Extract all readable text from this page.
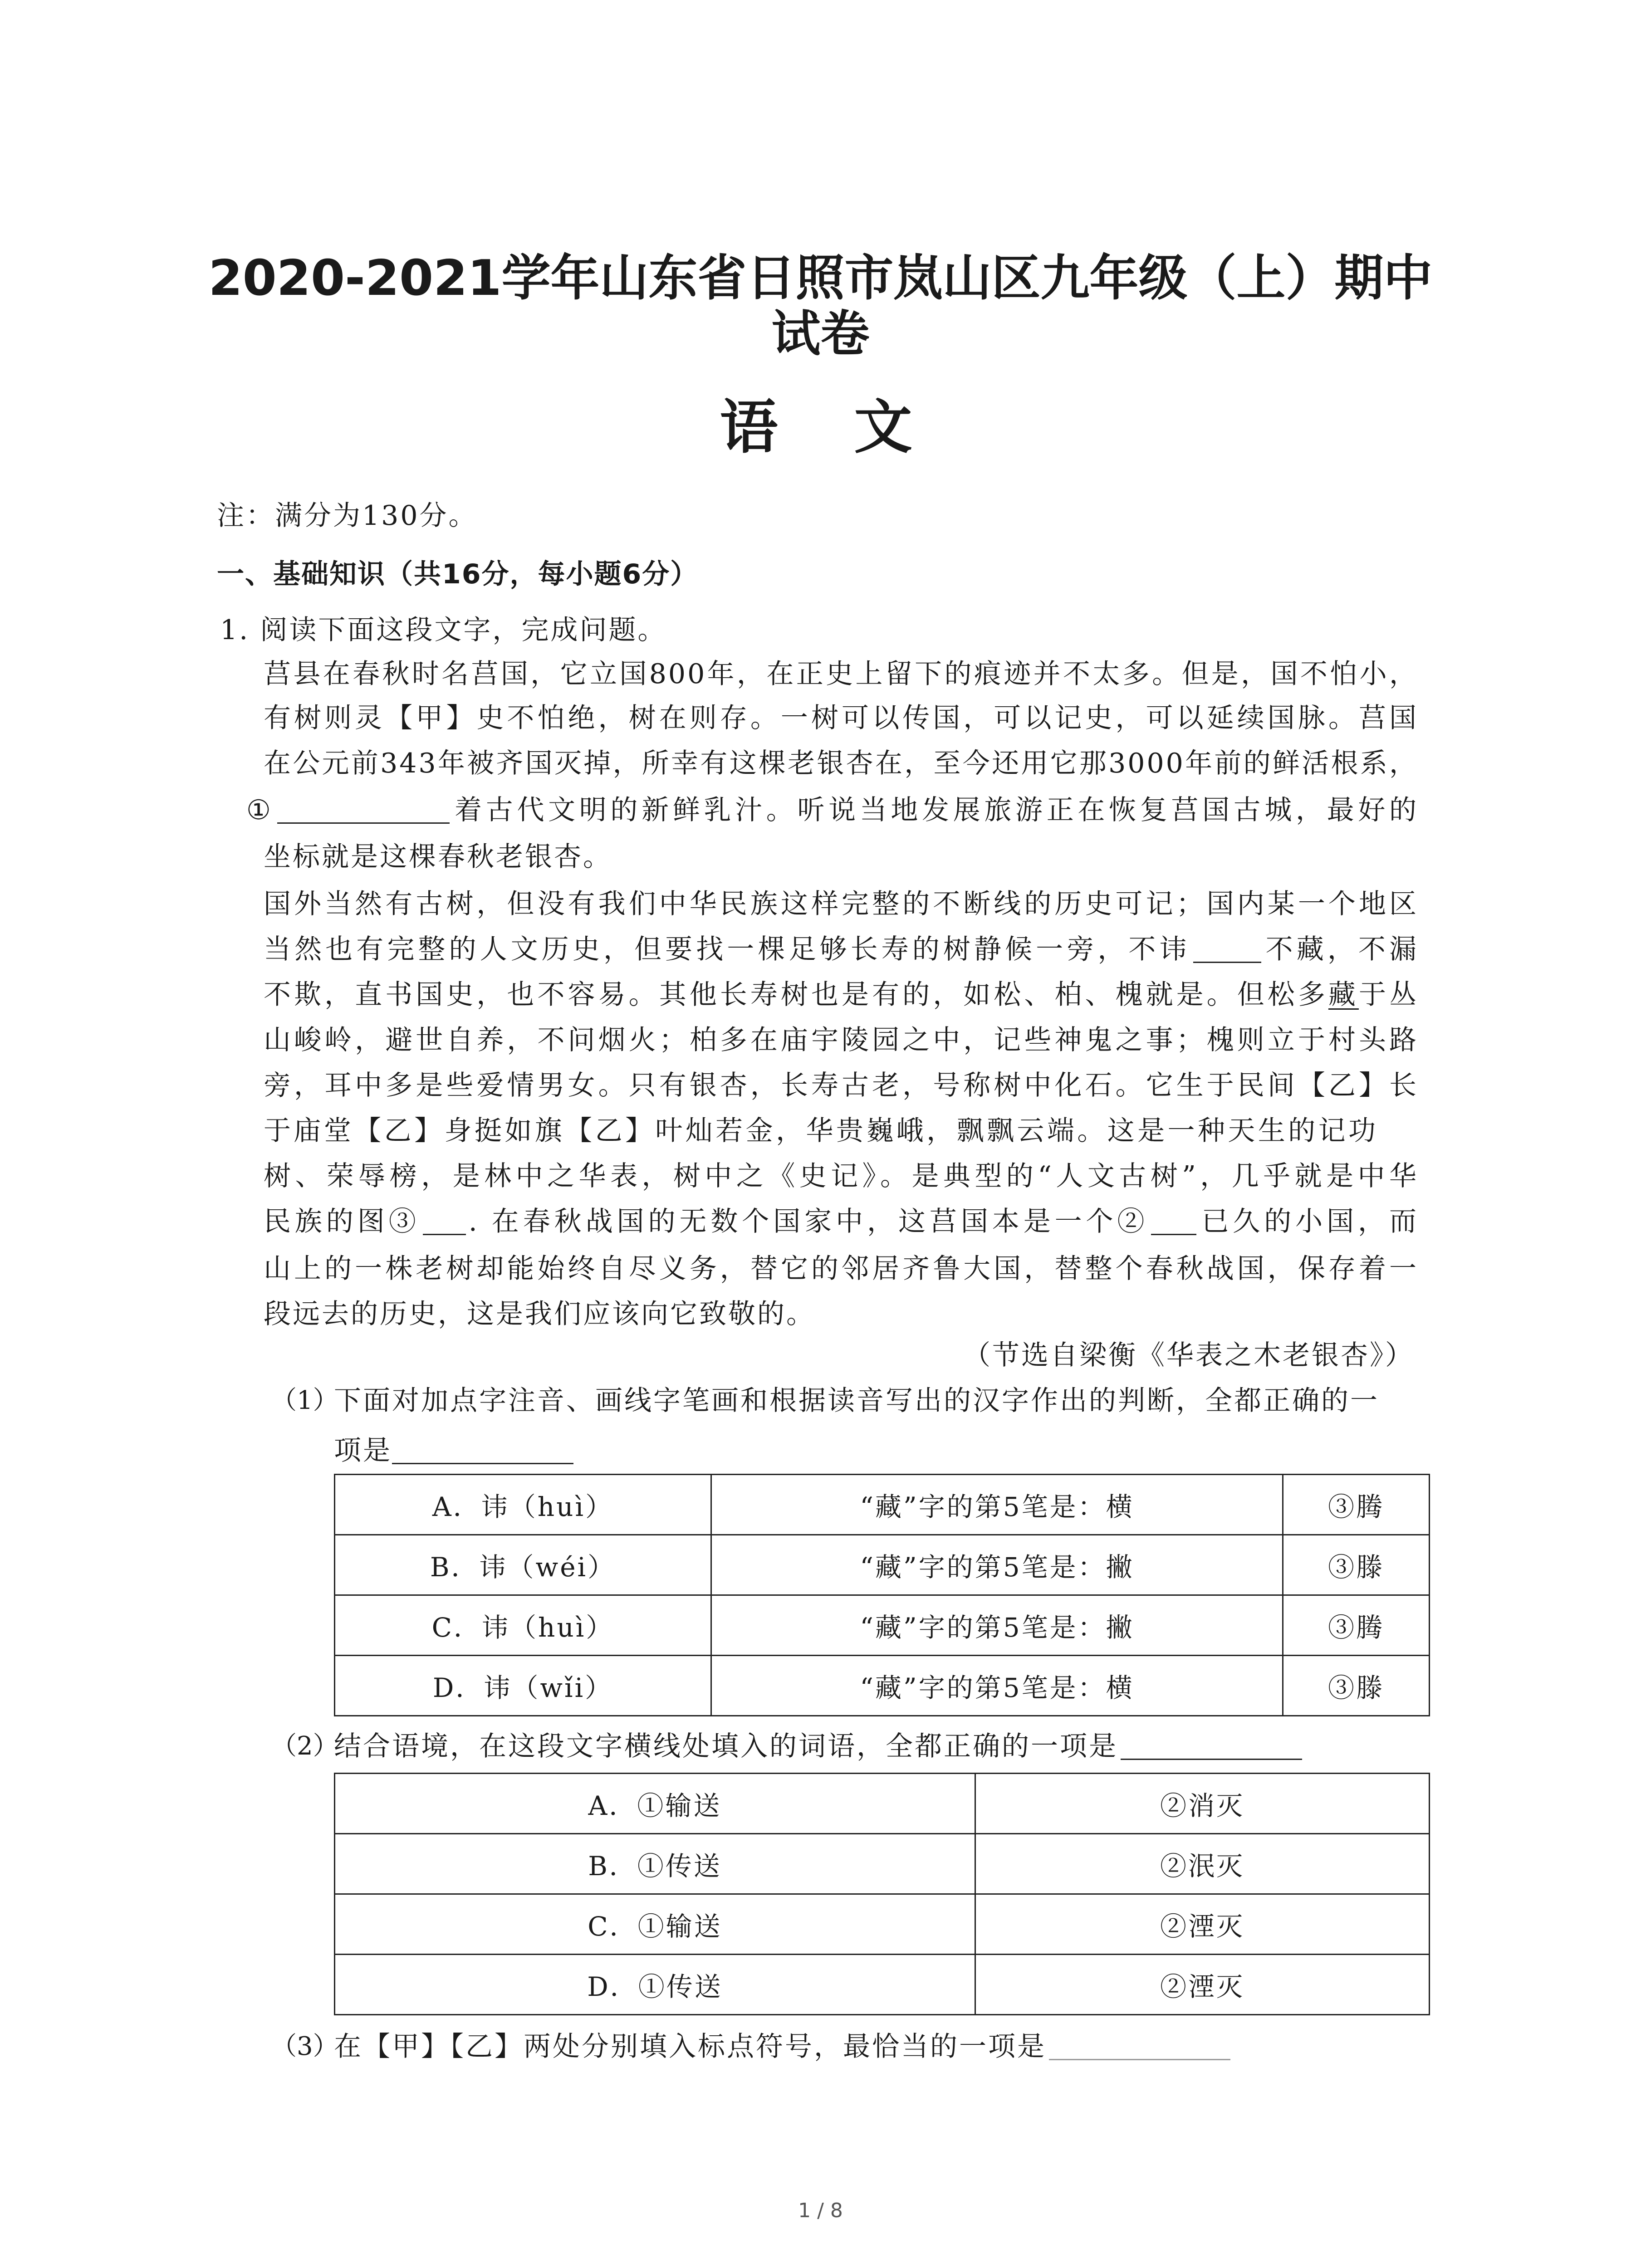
2020-2021学年山东省日照市岚山区九年级（上）期中
试卷
语　文
注：满分为130分。
一、基础知识（共16分，每小题6分）
1. 阅读下面这段文字，完成问题。
莒县在春秋时名莒国，它立国800年，在正史上留下的痕迹并不太多。但是，国不怕小，
有树则灵【甲】史不怕绝，树在则存。一树可以传国，可以记史，可以延续国脉。莒国
在公元前343年被齐国灭掉，所幸有这棵老银杏在，至今还用它那3000年前的鲜活根系，
①	着古代文明的新鲜乳汁。听说当地发展旅游正在恢复莒国古城，最好的
坐标就是这棵春秋老银杏。
国外当然有古树，但没有我们中华民族这样完整的不断线的历史可记；国内某一个地区
当然也有完整的人文历史，但要找一棵足够长寿的树静候一旁，不讳	不藏，不漏
不欺，直书国史，也不容易。其他长寿树也是有的，如松、柏、槐就是。但松多藏于丛
山峻岭，避世自养，不问烟火；柏多在庙宇陵园之中，记些神鬼之事；槐则立于村头路
旁，耳中多是些爱情男女。只有银杏，长寿古老，号称树中化石。它生于民间【乙】长
于庙堂【乙】身挺如旗【乙】叶灿若金，华贵巍峨，飘飘云端。这是一种天生的记功
树、荣辱榜，是林中之华表，树中之《史记》。是典型的“人文古树”，几乎就是中华
民族的图③ . 在春秋战国的无数个国家中，这莒国本是一个② 已久的小国，而
山上的一株老树却能始终自尽义务，替它的邻居齐鲁大国，替整个春秋战国，保存着一
段远去的历史，这是我们应该向它致敬的。
（节选自梁衡《华表之木老银杏》）
（1）
下面对加点字注音、画线字笔画和根据读音写出的汉字作出的判断，全都正确的一
项是
A．讳（huì）	“藏”字的第5笔是：横	③腾
B．讳（wéi）	“藏”字的第5笔是：撇	③滕
C．讳（huì）	“藏”字的第5笔是：撇	③腾
D．讳（wǐi）	“藏”字的第5笔是：横	③滕
（2）
结合语境，在这段文字横线处填入的词语，全都正确的一项是
A．①输送	②消灭
B．①传送	②泯灭
C．①输送	②湮灭
D．①传送	②湮灭
（3）
在【甲】【乙】两处分别填入标点符号，最恰当的一项是
1 / 8
